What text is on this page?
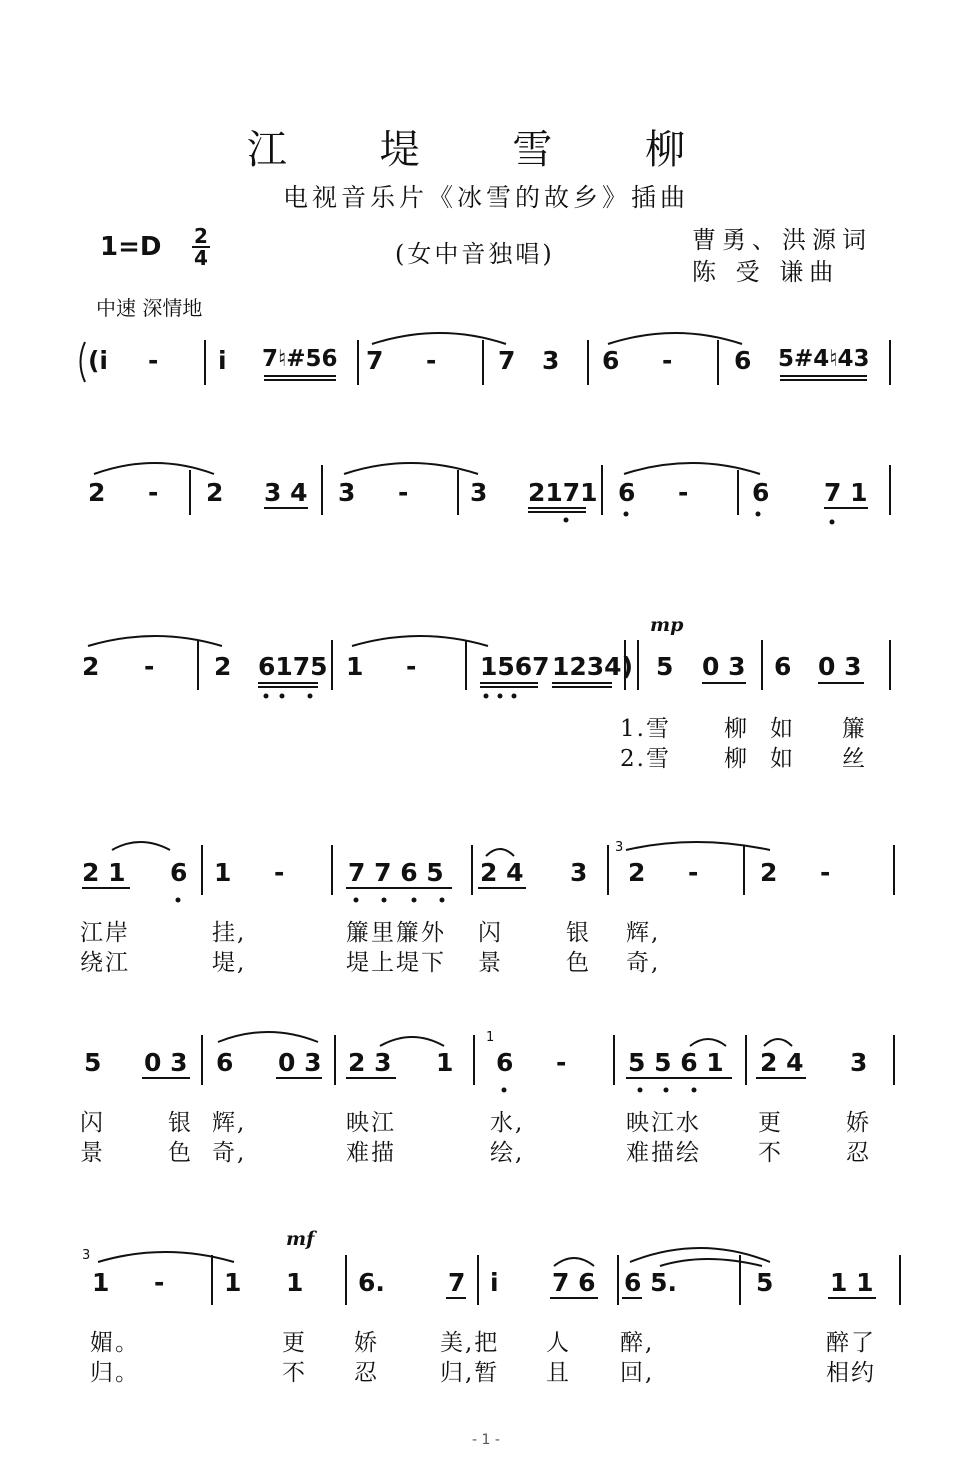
江 堤 雪 柳
电视音乐片《冰雪的故乡》插曲
1=D 2
4	(女中音独唱)	曹勇、洪源词
陈 受 谦曲
中速 深情地
(i - i 7♮#56 7 - 7 3 6 - 6 5#4♮43
2 - 2 3 4 3 - 3 2171 6 -	6 7 1
mp
2 - 2 6175 1 -	1567 1234) 5 0 3 6 0 3
1.雪 柳 如 簾
2.雪 柳 如 丝
3
2 1 6 1 -	7 7 6 5 2 4 3 2 - 2 -
江岸	挂,	簾里簾外 闪	银 辉,
绕江	堤,	堤上堤下 景	色 奇,
1
5 0 3 6 0 3 2 3 1 6 - 5 5 6 1 2 4 3
闪	银 辉,	映江	水,	映江水 更	娇
景	色 奇,	难描	绘,	难描绘 不	忍
3
mf
1 - 1 1 6.	7 i 7 6 6 5.	5 1 1
媚。	更 娇	美,把 人 醉,	醉了
归。	不 忍	归,暂 且 回,	相约
- 1 -
